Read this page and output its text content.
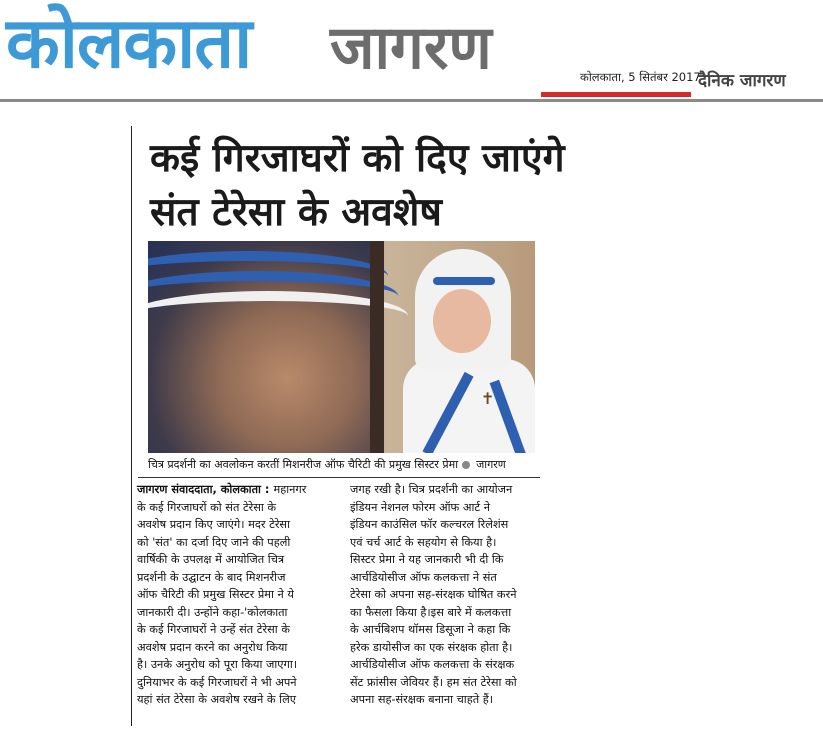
कोलकाता जागरण	कोलकाता, 5 सितंबर 2017
दैनिक जागरण
कई गिरजाघरों को दिए जाएंगे
संत टेरेसा के अवशेष
✝
चित्र प्रदर्शनी का अवलोकन करतीं मिशनरीज ऑफ चैरिटी की प्रमुख सिस्टर प्रेमा जागरण
जागरण संवाददाता, कोलकाता : महानगर
के कई गिरजाघरों को संत टेरेसा के
अवशेष प्रदान किए जाएंगे। मदर टेरेसा
को 'संत' का दर्जा दिए जाने की पहली
वार्षिकी के उपलक्ष में आयोजित चित्र
प्रदर्शनी के उद्घाटन के बाद मिशनरीज
ऑफ चैरिटी की प्रमुख सिस्टर प्रेमा ने ये
जानकारी दी। उन्होंने कहा-'कोलकाता
के कई गिरजाघरों ने उन्हें संत टेरेसा के
अवशेष प्रदान करने का अनुरोध किया
है। उनके अनुरोध को पूरा किया जाएगा।
दुनियाभर के कई गिरजाघरों ने भी अपने
यहां संत टेरेसा के अवशेष रखने के लिए
जगह रखी है। चित्र प्रदर्शनी का आयोजन
इंडियन नेशनल फोरम ऑफ आर्ट ने
इंडियन काउंसिल फॉर कल्चरल रिलेशंस
एवं चर्च आर्ट के सहयोग से किया है।
सिस्टर प्रेमा ने यह जानकारी भी दी कि
आर्चडियोसीज ऑफ कलकत्ता ने संत
टेरेसा को अपना सह-संरक्षक घोषित करने
का फैसला किया है।इस बारे में कलकत्ता
के आर्चबिशप थॉमस डिसूजा ने कहा कि
हरेक डायोसीज का एक संरक्षक होता है।
आर्चडियोसीज ऑफ कलकत्ता के संरक्षक
सेंट फ्रांसीस जेवियर हैं। हम संत टेरेसा को
अपना सह-संरक्षक बनाना चाहते हैं।
